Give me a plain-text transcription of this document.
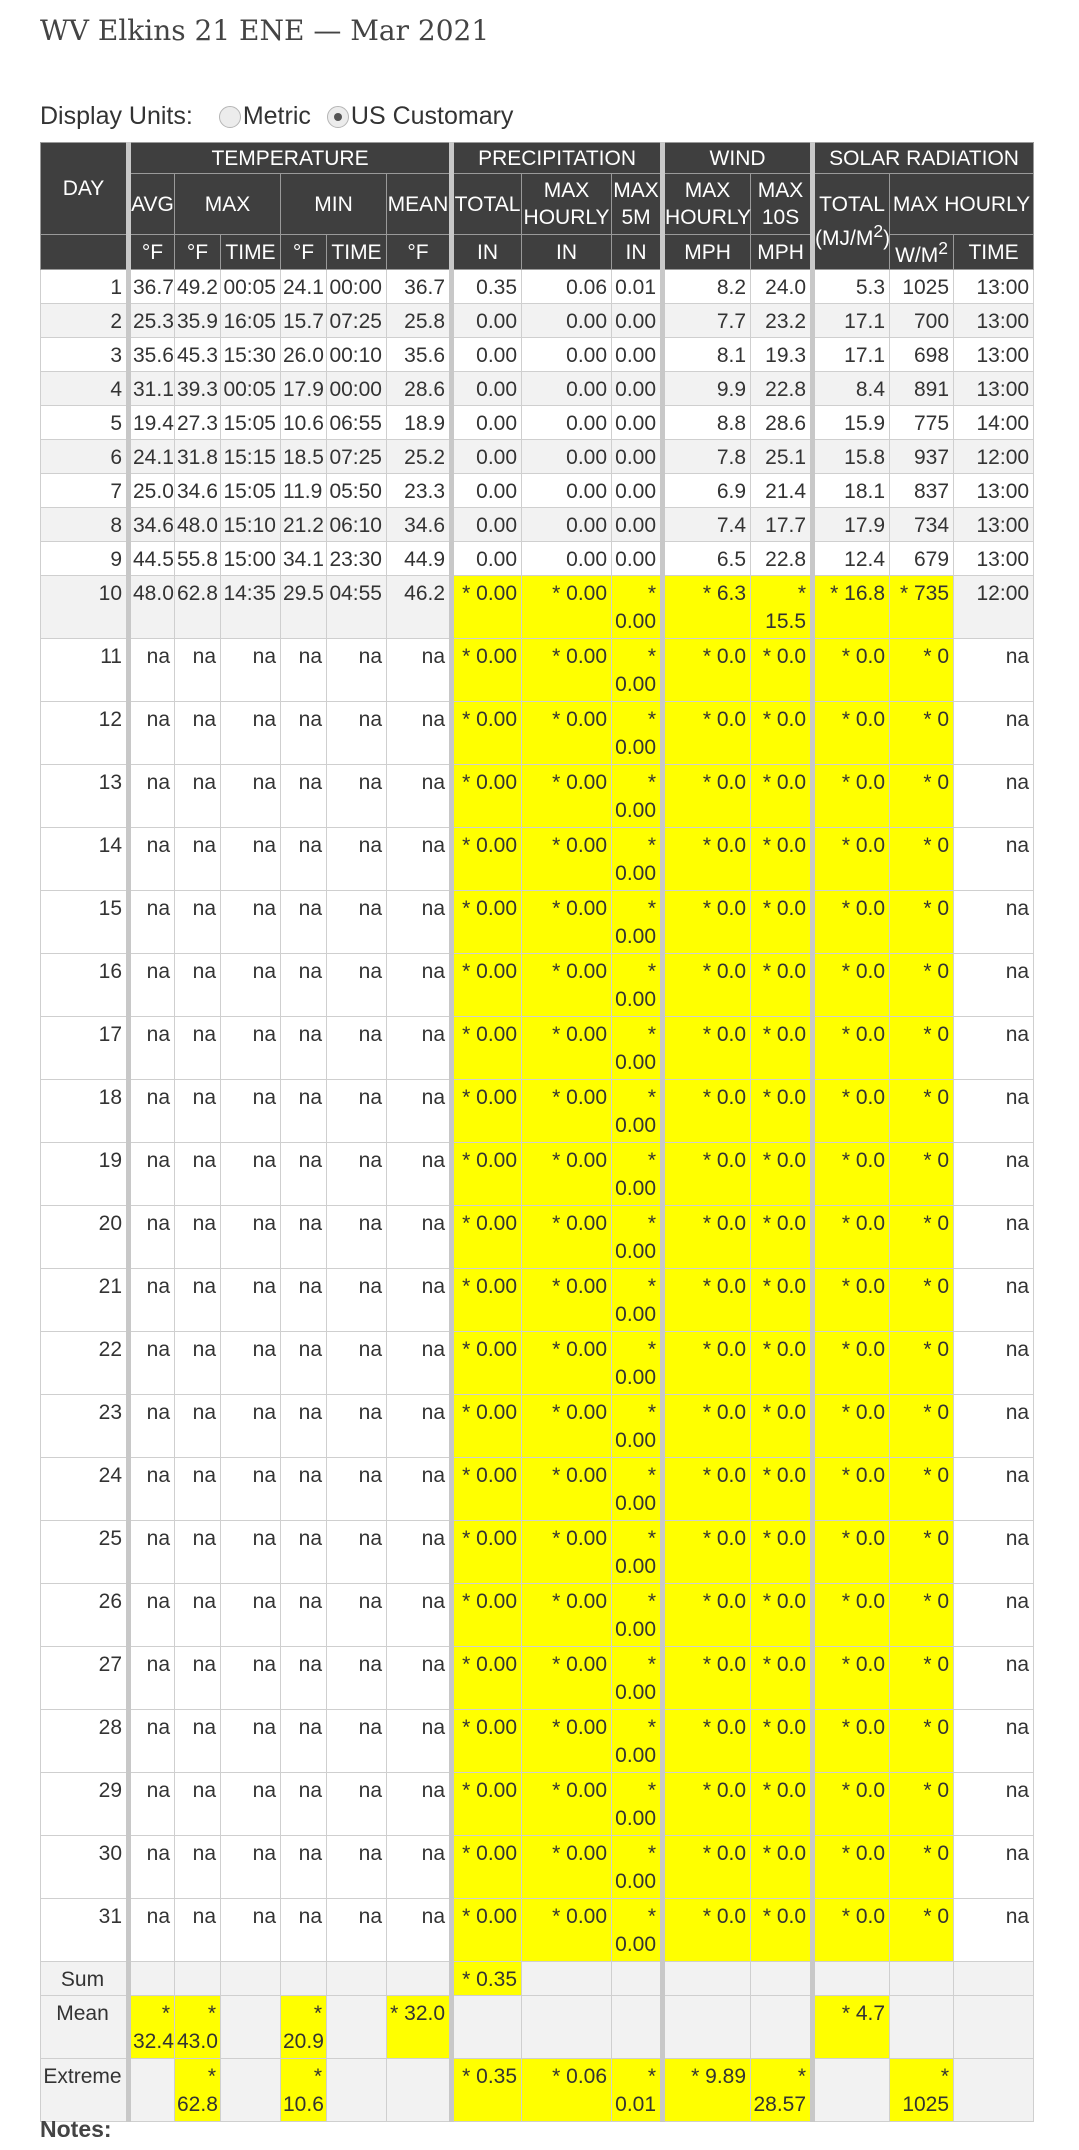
WV Elkins 21 ENE — Mar 2021
Display Units: Metric US Customary
DAY	TEMPERATURE						PRECIPITATION			WIND		SOLAR RADIATION		
	AVG	MAX		MIN		MEAN	TOTAL	MAX HOURLY	MAX 5M	MAX HOURLY	MAX 10S	TOTAL $(MJ/M^2)$	MAX HOURLY	
	°F	°F	TIME	°F	TIME	°F	IN	IN	IN	MPH	MPH		$W/M^2$	TIME
1	36.7	49.2	00:05	24.1	00:00	36.7	0.35	0.06	0.01	8.2	24.0	5.3	1025	13:00
2	25.3	35.9	16:05	15.7	07:25	25.8	0.00	0.00	0.00	7.7	23.2	17.1	700	13:00
3	35.6	45.3	15:30	26.0	00:10	35.6	0.00	0.00	0.00	8.1	19.3	17.1	698	13:00
4	31.1	39.3	00:05	17.9	00:00	28.6	0.00	0.00	0.00	9.9	22.8	8.4	891	13:00
5	19.4	27.3	15:05	10.6	06:55	18.9	0.00	0.00	0.00	8.8	28.6	15.9	775	14:00
6	24.1	31.8	15:15	18.5	07:25	25.2	0.00	0.00	0.00	7.8	25.1	15.8	937	12:00
7	25.0	34.6	15:05	11.9	05:50	23.3	0.00	0.00	0.00	6.9	21.4	18.1	837	13:00
8	34.6	48.0	15:10	21.2	06:10	34.6	0.00	0.00	0.00	7.4	17.7	17.9	734	13:00
9	44.5	55.8	15:00	34.1	23:30	44.9	0.00	0.00	0.00	6.5	22.8	12.4	679	13:00
10	48.0	62.8	14:35	29.5	04:55	46.2	* 0.00	* 0.00	* 0.00	* 6.3	* 15.5	* 16.8	* 735	12:00
11	na	na	na	na	na	na	* 0.00	* 0.00	* 0.00	* 0.0	* 0.0	* 0.0	* 0	na
12	na	na	na	na	na	na	* 0.00	* 0.00	* 0.00	* 0.0	* 0.0	* 0.0	* 0	na
13	na	na	na	na	na	na	* 0.00	* 0.00	* 0.00	* 0.0	* 0.0	* 0.0	* 0	na
14	na	na	na	na	na	na	* 0.00	* 0.00	* 0.00	* 0.0	* 0.0	* 0.0	* 0	na
15	na	na	na	na	na	na	* 0.00	* 0.00	* 0.00	* 0.0	* 0.0	* 0.0	* 0	na
16	na	na	na	na	na	na	* 0.00	* 0.00	* 0.00	* 0.0	* 0.0	* 0.0	* 0	na
17	na	na	na	na	na	na	* 0.00	* 0.00	* 0.00	* 0.0	* 0.0	* 0.0	* 0	na
18	na	na	na	na	na	na	* 0.00	* 0.00	* 0.00	* 0.0	* 0.0	* 0.0	* 0	na
19	na	na	na	na	na	na	* 0.00	* 0.00	* 0.00	* 0.0	* 0.0	* 0.0	* 0	na
20	na	na	na	na	na	na	* 0.00	* 0.00	* 0.00	* 0.0	* 0.0	* 0.0	* 0	na
21	na	na	na	na	na	na	* 0.00	* 0.00	* 0.00	* 0.0	* 0.0	* 0.0	* 0	na
22	na	na	na	na	na	na	* 0.00	* 0.00	* 0.00	* 0.0	* 0.0	* 0.0	* 0	na
23	na	na	na	na	na	na	* 0.00	* 0.00	* 0.00	* 0.0	* 0.0	* 0.0	* 0	na
24	na	na	na	na	na	na	* 0.00	* 0.00	* 0.00	* 0.0	* 0.0	* 0.0	* 0	na
25	na	na	na	na	na	na	* 0.00	* 0.00	* 0.00	* 0.0	* 0.0	* 0.0	* 0	na
26	na	na	na	na	na	na	* 0.00	* 0.00	* 0.00	* 0.0	* 0.0	* 0.0	* 0	na
27	na	na	na	na	na	na	* 0.00	* 0.00	* 0.00	* 0.0	* 0.0	* 0.0	* 0	na
28	na	na	na	na	na	na	* 0.00	* 0.00	* 0.00	* 0.0	* 0.0	* 0.0	* 0	na
29	na	na	na	na	na	na	* 0.00	* 0.00	* 0.00	* 0.0	* 0.0	* 0.0	* 0	na
30	na	na	na	na	na	na	* 0.00	* 0.00	* 0.00	* 0.0	* 0.0	* 0.0	* 0	na
31	na	na	na	na	na	na	* 0.00	* 0.00	* 0.00	* 0.0	* 0.0	* 0.0	* 0	na
Sum							* 0.35							
Mean	* 32.4	* 43.0		* 20.9		* 32.0						* 4.7		
Extreme		* 62.8		* 10.6			* 0.35	* 0.06	* 0.01	* 9.89	* 28.57		* 1025	
Notes:
